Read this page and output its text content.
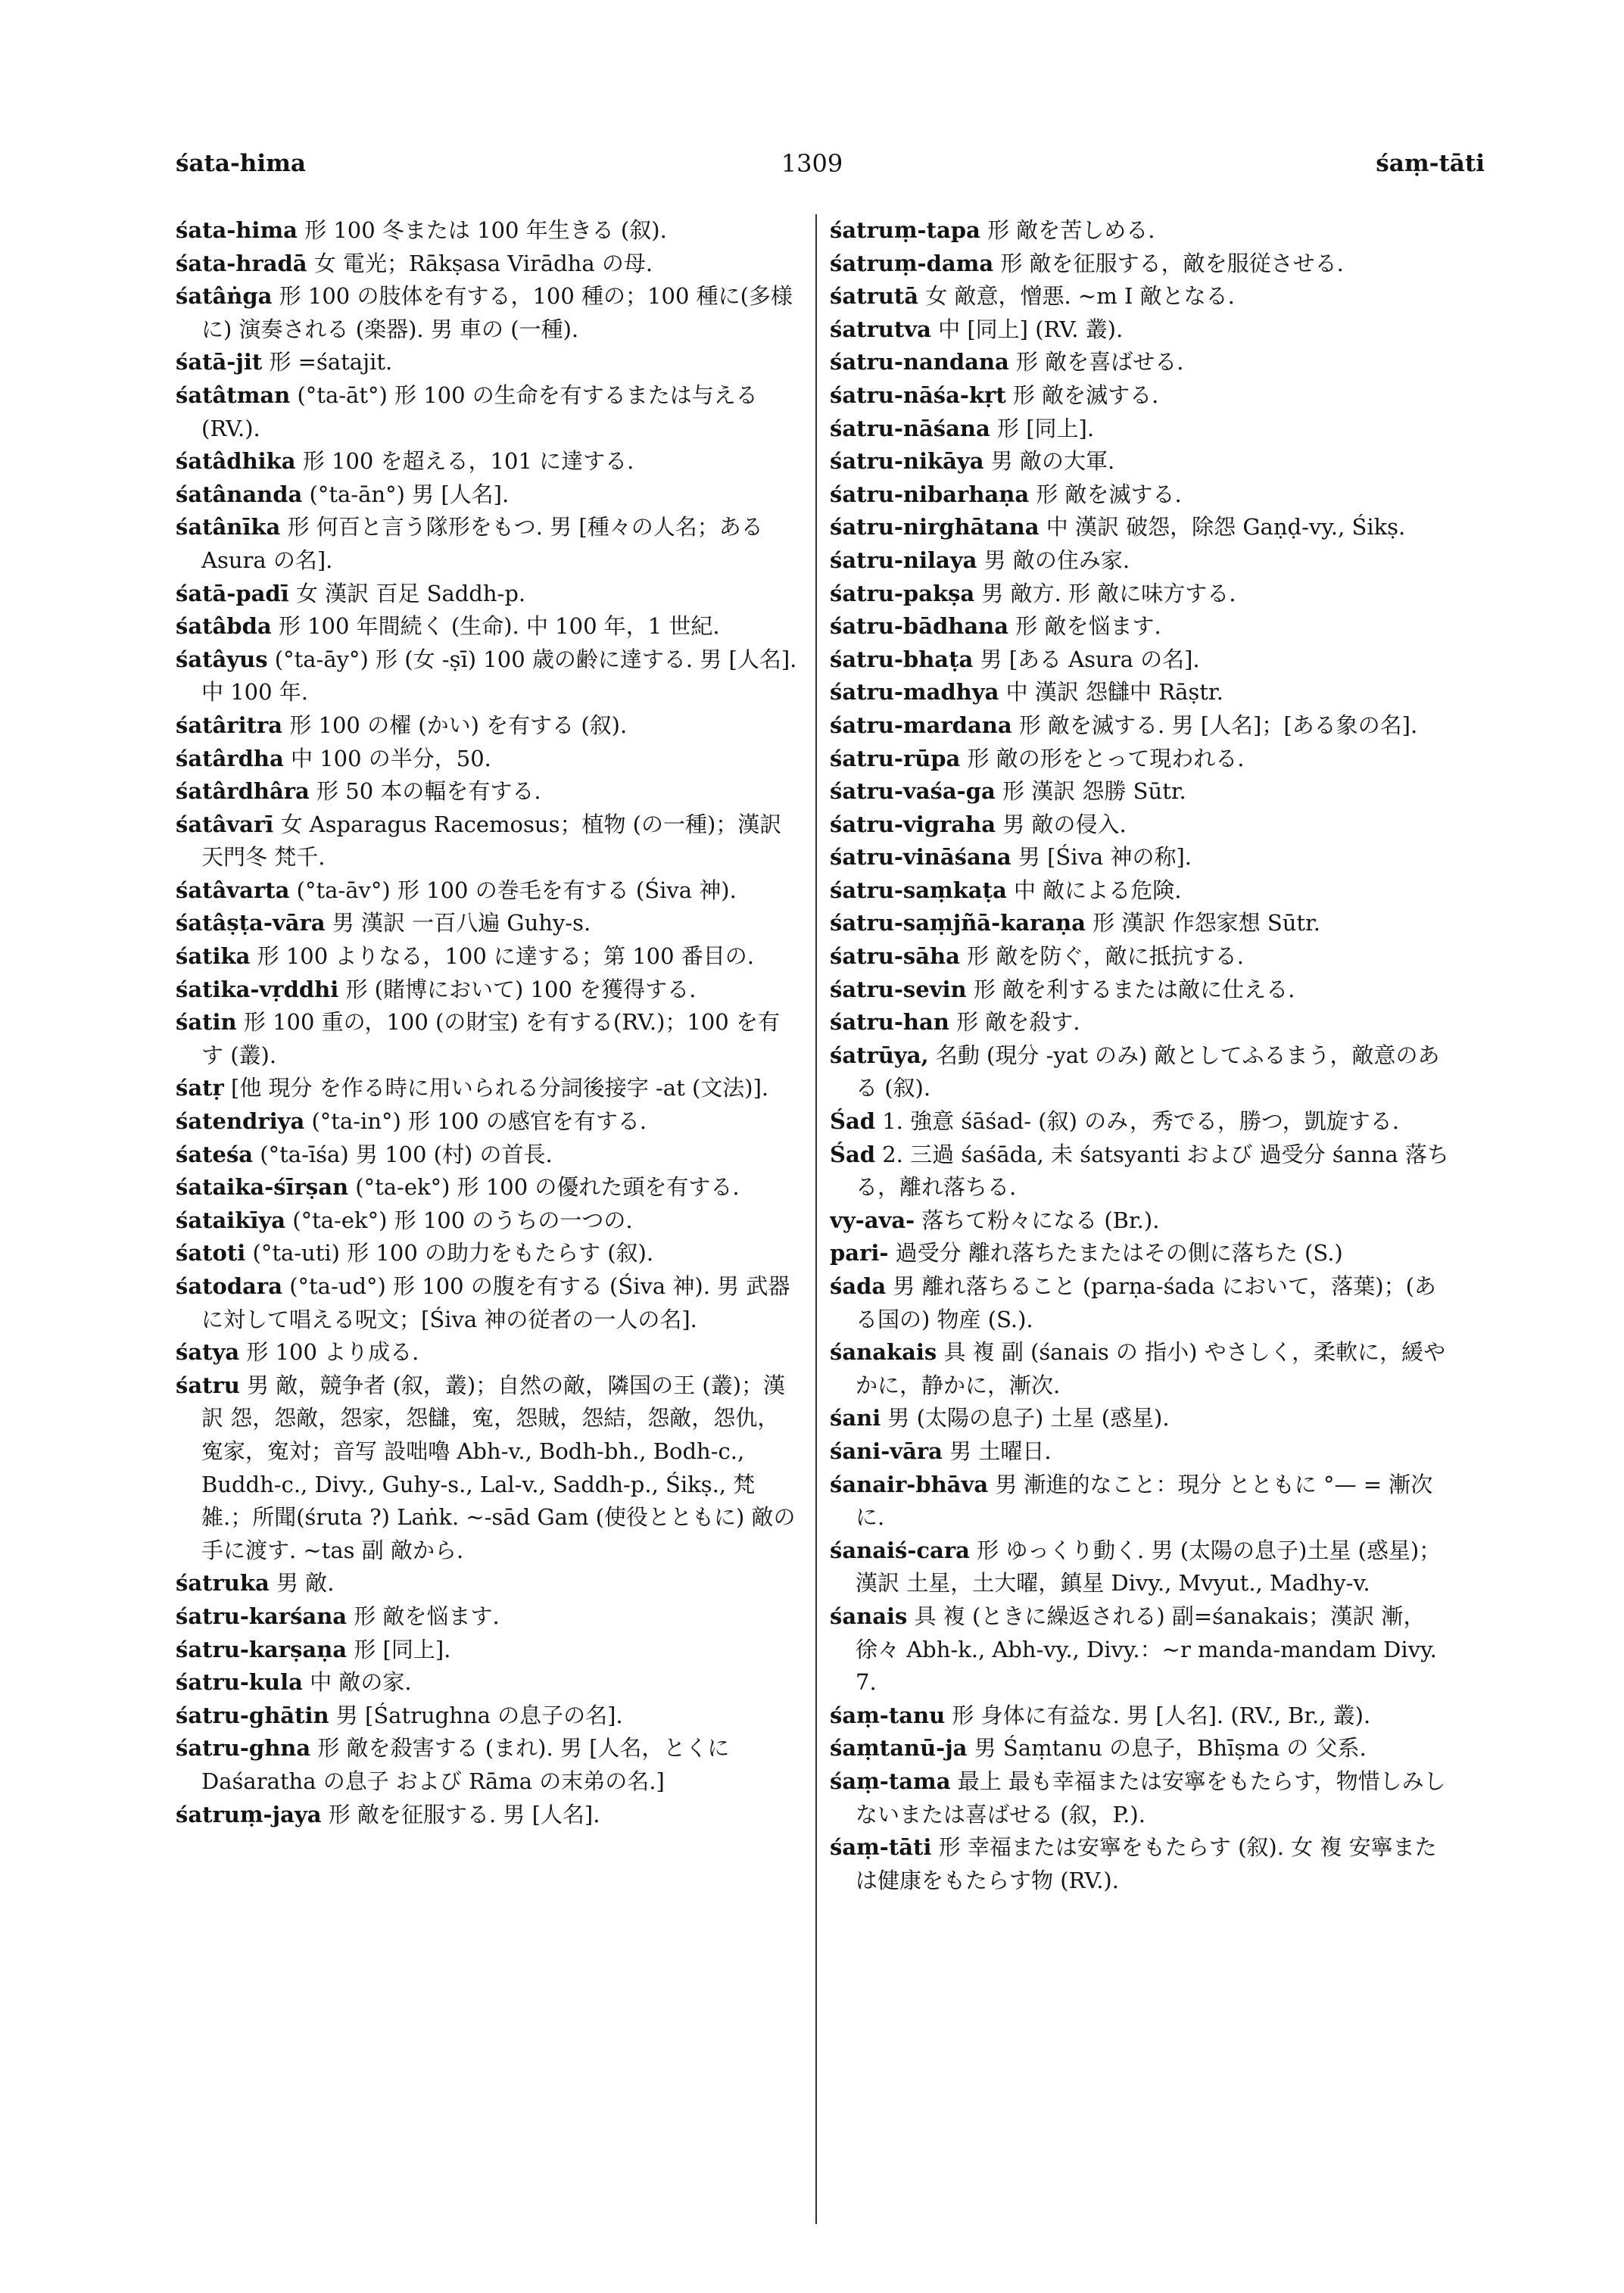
śata-hima	1309	śaṃ-tāti

śata-hima 形 100 冬または 100 年生きる (叙).

śata-hradā 女 電光；Rākṣasa Virādha の母.

śatâṅga 形 100 の肢体を有する，100 種の；100 種に(多様に) 演奏される (楽器). 男 車の (一種).

śatā-jit 形 =śatajit.

śatâtman (°ta-āt°) 形 100 の生命を有するまたは与える (RV.).

śatâdhika 形 100 を超える，101 に達する.

śatânanda (°ta-ān°) 男 [人名].

śatânīka 形 何百と言う隊形をもつ. 男 [種々の人名；ある Asura の名].

śatā-padī 女 漢訳 百足 Saddh-p.

śatâbda 形 100 年間続く (生命). 中 100 年，1 世紀.

śatâyus (°ta-āy°) 形 (女 -ṣī) 100 歳の齢に達する. 男 [人名]. 中 100 年.

śatâritra 形 100 の櫂 (かい) を有する (叙).

śatârdha 中 100 の半分，50.

śatârdhâra 形 50 本の輻を有する.

śatâvarī 女 Asparagus Racemosus；植物 (の一種)；漢訳 天門冬 梵千.

śatâvarta (°ta-āv°) 形 100 の巻毛を有する (Śiva 神).

śatâṣṭa-vāra 男 漢訳 一百八遍 Guhy-s.

śatika 形 100 よりなる，100 に達する；第 100 番目の.

śatika-vṛddhi 形 (賭博において) 100 を獲得する.

śatin 形 100 重の，100 (の財宝) を有する(RV.)；100 を有す (叢).

śatṛ [他 現分 を作る時に用いられる分詞後接字 -at (文法)].

śatendriya (°ta-in°) 形 100 の感官を有する.

śateśa (°ta-īśa) 男 100 (村) の首長.

śataika-śīrṣan (°ta-ek°) 形 100 の優れた頭を有する.

śataikīya (°ta-ek°) 形 100 のうちの一つの.

śatoti (°ta-uti) 形 100 の助力をもたらす (叙).

śatodara (°ta-ud°) 形 100 の腹を有する (Śiva 神). 男 武器に対して唱える呪文；[Śiva 神の従者の一人の名].

śatya 形 100 より成る.

śatru 男 敵，競争者 (叙，叢)；自然の敵，隣国の王 (叢)；漢訳 怨，怨敵，怨家，怨讎，寃，怨賊，怨結，怨敵，怨仇，寃家，寃対；音写 設咄嚕 Abh-v., Bodh-bh., Bodh-c., Buddh-c., Divy., Guhy-s., Lal-v., Saddh-p., Śikṣ., 梵雑.；所聞(śruta ?) Laṅk. ~-sād Gam (使役とともに) 敵の手に渡す. ~tas 副 敵から.

śatruka 男 敵.

śatru-karśana 形 敵を悩ます.

śatru-karṣaṇa 形 [同上].

śatru-kula 中 敵の家.

śatru-ghātin 男 [Śatrughna の息子の名].

śatru-ghna 形 敵を殺害する (まれ). 男 [人名，とくに Daśaratha の息子 および Rāma の末弟の名.]

śatruṃ-jaya 形 敵を征服する. 男 [人名].

śatruṃ-tapa 形 敵を苦しめる.

śatruṃ-dama 形 敵を征服する，敵を服従させる.

śatrutā 女 敵意，憎悪. ~m I 敵となる.

śatrutva 中 [同上] (RV. 叢).

śatru-nandana 形 敵を喜ばせる.

śatru-nāśa-kṛt 形 敵を滅する.

śatru-nāśana 形 [同上].

śatru-nikāya 男 敵の大軍.

śatru-nibarhaṇa 形 敵を滅する.

śatru-nirghātana 中 漢訳 破怨，除怨 Gaṇḍ-vy., Śikṣ.

śatru-nilaya 男 敵の住み家.

śatru-pakṣa 男 敵方. 形 敵に味方する.

śatru-bādhana 形 敵を悩ます.

śatru-bhaṭa 男 [ある Asura の名].

śatru-madhya 中 漢訳 怨讎中 Rāṣtr.

śatru-mardana 形 敵を滅する. 男 [人名]；[ある象の名].

śatru-rūpa 形 敵の形をとって現われる.

śatru-vaśa-ga 形 漢訳 怨勝 Sūtr.

śatru-vigraha 男 敵の侵入.

śatru-vināśana 男 [Śiva 神の称].

śatru-saṃkaṭa 中 敵による危険.

śatru-saṃjñā-karaṇa 形 漢訳 作怨家想 Sūtr.

śatru-sāha 形 敵を防ぐ，敵に抵抗する.

śatru-sevin 形 敵を利するまたは敵に仕える.

śatru-han 形 敵を殺す.

śatrūya, 名動 (現分 -yat のみ) 敵としてふるまう，敵意のある (叙).

Śad 1. 強意 śāśad- (叙) のみ，秀でる，勝つ，凱旋する.

Śad 2. 三過 śaśāda, 未 śatsyanti および 過受分 śanna 落ちる，離れ落ちる.

vy-ava- 落ちて粉々になる (Br.).

pari- 過受分 離れ落ちたまたはその側に落ちた (S.)

śada 男 離れ落ちること (parṇa-śada において，落葉)；(ある国の) 物産 (S.).

śanakais 具 複 副 (śanais の 指小) やさしく，柔軟に，緩やかに，静かに，漸次.

śani 男 (太陽の息子) 土星 (惑星).

śani-vāra 男 土曜日.

śanair-bhāva 男 漸進的なこと：現分 とともに °— = 漸次に.

śanaiś-cara 形 ゆっくり動く. 男 (太陽の息子)土星 (惑星)；漢訳 土星，土大曜，鎮星 Divy., Mvyut., Madhy-v.

śanais 具 複 (ときに繰返される) 副=śanakais；漢訳 漸，徐々 Abh-k., Abh-vy., Divy.：~r manda-mandam Divy. 7.

śaṃ-tanu 形 身体に有益な. 男 [人名]. (RV., Br., 叢).

śaṃtanū-ja 男 Śaṃtanu の息子，Bhīṣma の 父系.

śaṃ-tama 最上 最も幸福または安寧をもたらす，物惜しみしないまたは喜ばせる (叙，P.).

śaṃ-tāti 形 幸福または安寧をもたらす (叙). 女 複 安寧または健康をもたらす物 (RV.).
